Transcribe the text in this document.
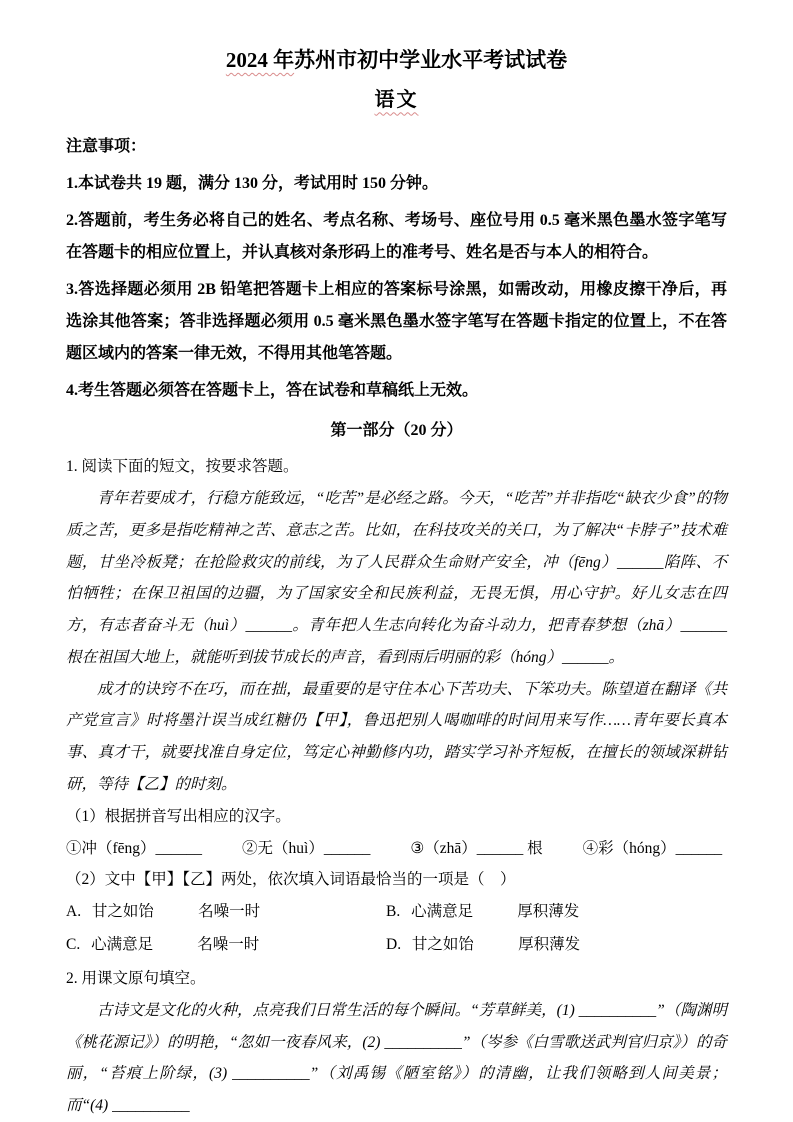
2024 年苏州市初中学业水平考试试卷
语文

注意事项：

1.本试卷共 19 题，满分 130 分，考试用时 150 分钟。

2.答题前，考生务必将自己的姓名、考点名称、考场号、座位号用 0.5 毫米黑色墨水签字笔写在答题卡的相应位置上，并认真核对条形码上的准考号、姓名是否与本人的相符合。

3.答选择题必须用 2B 铅笔把答题卡上相应的答案标号涂黑，如需改动，用橡皮擦干净后，再选涂其他答案；答非选择题必须用 0.5 毫米黑色墨水签字笔写在答题卡指定的位置上，不在答题区域内的答案一律无效，不得用其他笔答题。

4.考生答题必须答在答题卡上，答在试卷和草稿纸上无效。

第一部分（20 分）

1. 阅读下面的短文，按要求答题。

青年若要成才，行稳方能致远，“吃苦”是必经之路。今天，“吃苦”并非指吃“缺衣少食”的物质之苦，更多是指吃精神之苦、意志之苦。比如，在科技攻关的关口，为了解决“卡脖子”技术难题，甘坐冷板凳；在抢险救灾的前线，为了人民群众生命财产安全，冲（fēng）______陷阵、不怕牺牲；在保卫祖国的边疆，为了国家安全和民族利益，无畏无惧，用心守护。好儿女志在四方，有志者奋斗无（huì）______。青年把人生志向转化为奋斗动力，把青春梦想（zhā）______ 根在祖国大地上，就能听到拔节成长的声音，看到雨后明丽的彩（hóng）______。

成才的诀窍不在巧，而在拙，最重要的是守住本心下苦功夫、下笨功夫。陈望道在翻译《共产党宣言》时将墨汁误当成红糖仍【甲】，鲁迅把别人喝咖啡的时间用来写作……青年要长真本事、真才干，就要找准自身定位，笃定心神勤修内功，踏实学习补齐短板，在擅长的领域深耕钻研，等待【乙】的时刻。

（1）根据拼音写出相应的汉字。

①冲（fēng）______	②无（huì）______	③（zhā）______ 根	④彩（hóng）______

（2）文中【甲】【乙】两处，依次填入词语最恰当的一项是（　）

A. 甘之如饴	名噪一时	B. 心满意足	厚积薄发
C. 心满意足	名噪一时	D. 甘之如饴	厚积薄发

2. 用课文原句填空。

古诗文是文化的火种，点亮我们日常生活的每个瞬间。“芳草鲜美，(1) __________”（陶渊明《桃花源记》）的明艳，“忽如一夜春风来，(2) __________”（岑参《白雪歌送武判官归京》）的奇丽，“苔痕上阶绿，(3) __________”（刘禹锡《陋室铭》）的清幽，让我们领略到人间美景；而“(4) __________
